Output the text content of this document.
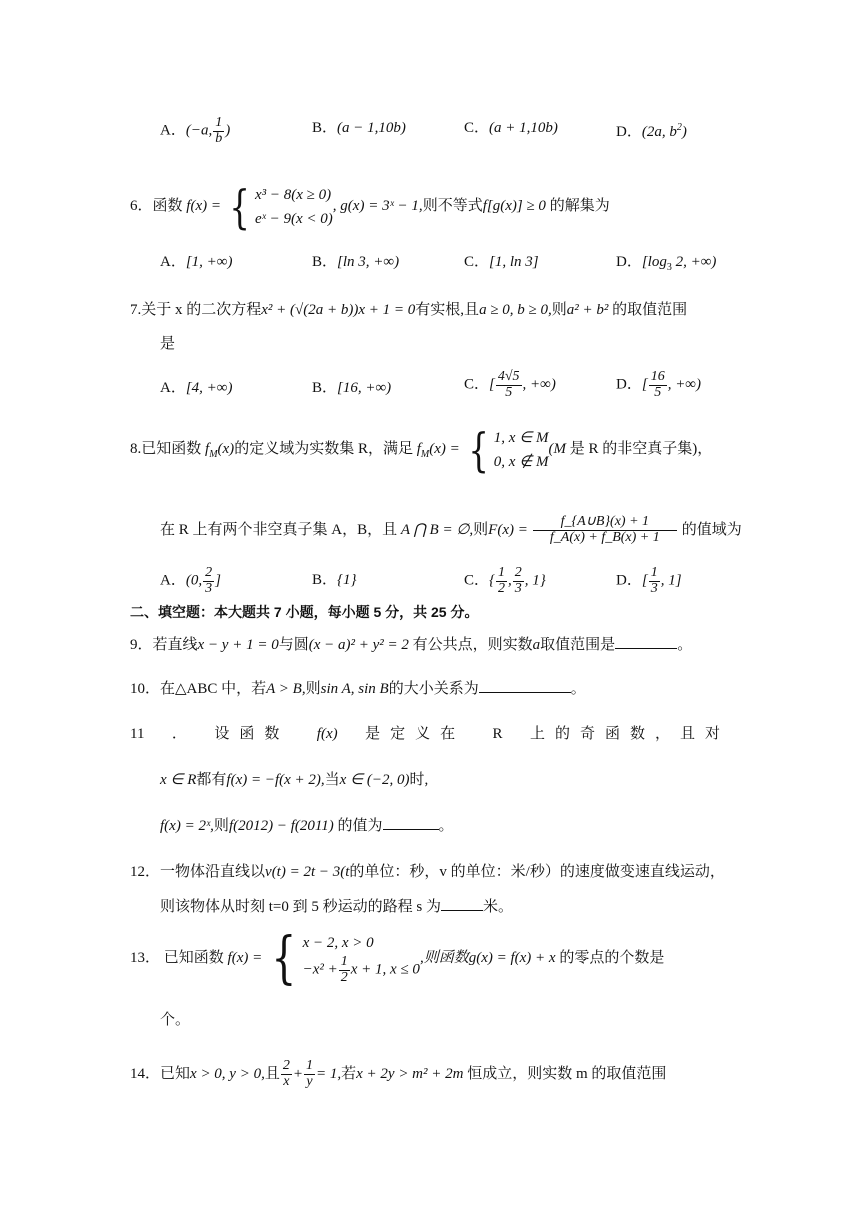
A．(−a, $\frac{1}{b}$ )	B．(a − 1,10b)	C．(a + 1,10b)	D．(2a, $b^2$)
6．函数 f(x) = { x³ − 8(x ≥ 0)
eˣ − 9(x < 0)
, g(x) = 3ˣ − 1,则不等式f[g(x)] ≥ 0 的解集为
A．[1, +∞)	B．[ln 3, +∞)	C．[1, ln 3]	D．[$\log_3$ 2, +∞)
7.关于 x 的二次方程x² + (√(2a + b))x + 1 = 0有实根,且a ≥ 0, b ≥ 0,则a² + b² 的取值范围
是
A．[4, +∞)	B．[16, +∞)	C．[ $\frac{4√5}{5}$ , +∞)	D．[ $\frac{16}{5}$ , +∞)
8.已知函数 $f_M(x)$的定义域为实数集 R，满足 $f_M(x)$ = { 1, x ∈ M
0, x ∉ M
(M 是 R 的非空真子集)，
在 R 上有两个非空真子集 A，B，且 A ⋂ B = ∅,则$F(x) = \frac{f\_\{A\cup B\}(x) + 1}{f\_A(x) + f\_B(x) + 1}$ 的值域为
A．(0, $\frac{2}{3}$ ]	B．{1}	C．{ $\frac{1}{2}$ , $\frac{2}{3}$ , 1}	D．[ $\frac{1}{3}$ , 1]
二、填空题：本大题共 7 小题，每小题 5 分，共 25 分。
9．若直线x − y + 1 = 0与圆(x − a)² + y² = 2 有公共点，则实数a取值范围是	。
10．在△ABC 中，若A > B,则sin A, sin B的大小关系为	。
11 ． 设函数 f(x) 是定义在 R 上的奇函数，且对
x ∈ R都有f(x) = −f(x + 2),当x ∈ (−2, 0)时,
f(x) = 2ˣ,则f(2012) − f(2011) 的值为	。
12．一物体沿直线以v(t) = 2t − 3(t的单位：秒，v 的单位：米/秒）的速度做变速直线运动，
则该物体从时刻 t=0 到 5 秒运动的路程 s 为	米。
13． 已知函数 f(x) = { x − 2, x > 0
$-x^2 + \frac{1}{2}$ x + 1, x ≤ 0
,则函数g(x) = f(x) + x 的零点的个数是
个。
14．已知x > 0, y > 0,且 $\frac{2}{x} + \frac{1}{y} = 1$,若x + 2y > m² + 2m 恒成立，则实数 m 的取值范围
